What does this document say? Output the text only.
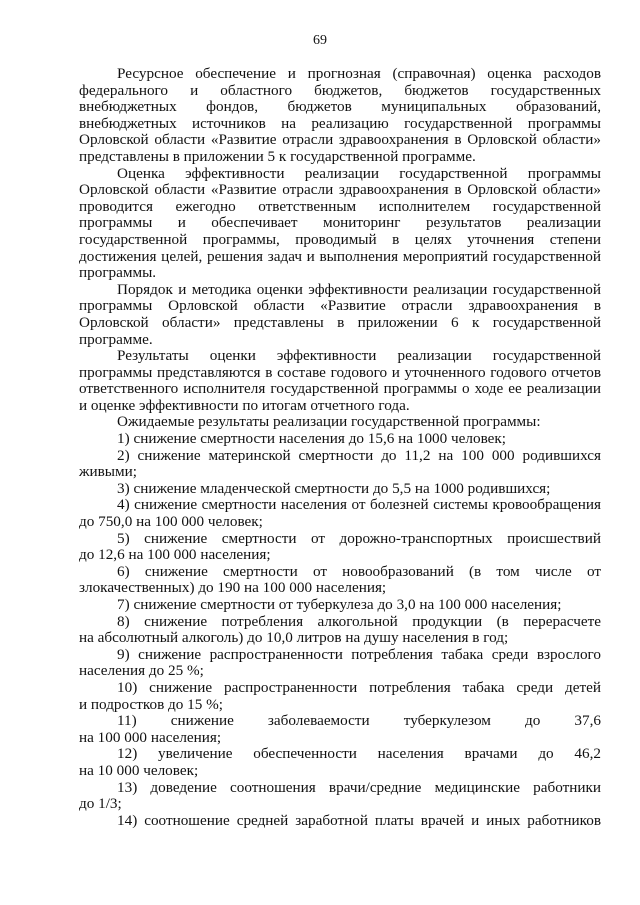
69
Ресурсное обеспечение и прогнозная (справочная) оценка расходов
федерального и областного бюджетов, бюджетов государственных
внебюджетных фондов, бюджетов муниципальных образований,
внебюджетных источников на реализацию государственной программы
Орловской области «Развитие отрасли здравоохранения в Орловской области»
представлены в приложении 5 к государственной программе.
Оценка эффективности реализации государственной программы
Орловской области «Развитие отрасли здравоохранения в Орловской области»
проводится ежегодно ответственным исполнителем государственной
программы и обеспечивает мониторинг результатов реализации
государственной программы, проводимый в целях уточнения степени
достижения целей, решения задач и выполнения мероприятий государственной
программы.
Порядок и методика оценки эффективности реализации государственной
программы Орловской области «Развитие отрасли здравоохранения в
Орловской области» представлены в приложении 6 к государственной
программе.
Результаты оценки эффективности реализации государственной
программы представляются в составе годового и уточненного годового отчетов
ответственного исполнителя государственной программы о ходе ее реализации
и оценке эффективности по итогам отчетного года.
Ожидаемые результаты реализации государственной программы:
1) снижение смертности населения до 15,6 на 1000 человек;
2) снижение материнской смертности до 11,2 на 100 000 родившихся
живыми;
3) снижение младенческой смертности до 5,5 на 1000 родившихся;
4) снижение смертности населения от болезней системы кровообращения
до 750,0 на 100 000 человек;
5) снижение смертности от дорожно-транспортных происшествий
до 12,6 на 100 000 населения;
6) снижение смертности от новообразований (в том числе от
злокачественных) до 190 на 100 000 населения;
7) снижение смертности от туберкулеза до 3,0 на 100 000 населения;
8) снижение потребления алкогольной продукции (в перерасчете
на абсолютный алкоголь) до 10,0 литров на душу населения в год;
9) снижение распространенности потребления табака среди взрослого
населения до 25 %;
10) снижение распространенности потребления табака среди детей
и подростков до 15 %;
11) снижение заболеваемости туберкулезом до 37,6
на 100 000 населения;
12) увеличение обеспеченности населения врачами до 46,2
на 10 000 человек;
13) доведение соотношения врачи/средние медицинские работники
до 1/3;
14) соотношение средней заработной платы врачей и иных работников
